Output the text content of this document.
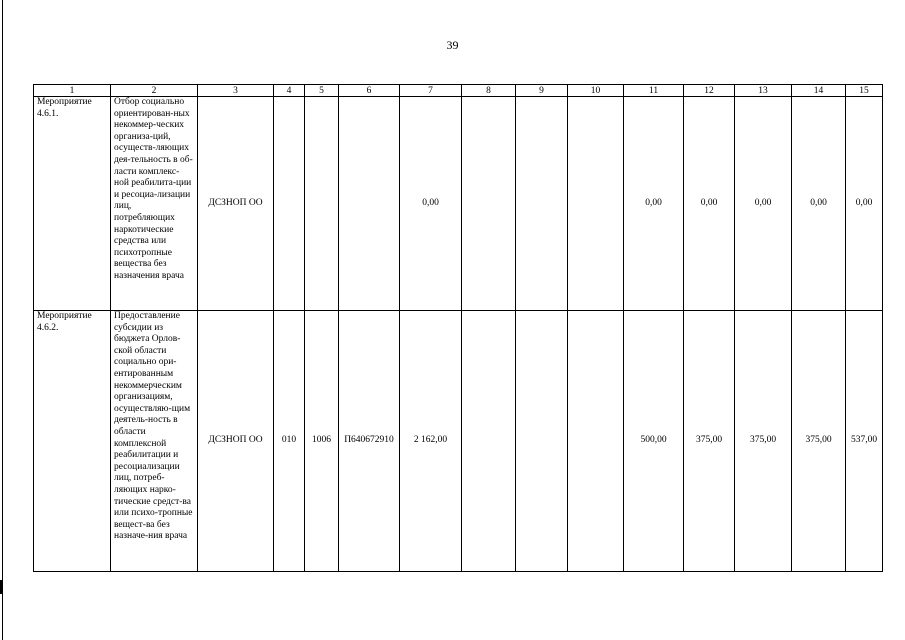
39
1	2	3	4	5	6	7	8	9	10	11	12	13	14	15
Мероприятие 4.6.1.	Отбор социально ориентирован-ных некоммер-ческих организа-ций, осуществ-ляющих дея-тельность в об-ласти комплекс-ной реабилита-ции и ресоциа-лизации лиц, потребляющих наркотические средства или психотропные вещества без назначения врача	ДСЗНОП ОО				0,00				0,00	0,00	0,00	0,00	0,00
Мероприятие 4.6.2.	Предоставление субсидии из бюджета Орлов-ской области социально ори-ентированным некоммерческим организациям, осуществляю-щим деятель-ность в области комплексной реабилитации и ресоциализации лиц, потреб-ляющих нарко-тические средст-ва или психо-тропные вещест-ва без назначе-ния врача	ДСЗНОП ОО	010	1006	П640672910	2 162,00				500,00	375,00	375,00	375,00	537,00
